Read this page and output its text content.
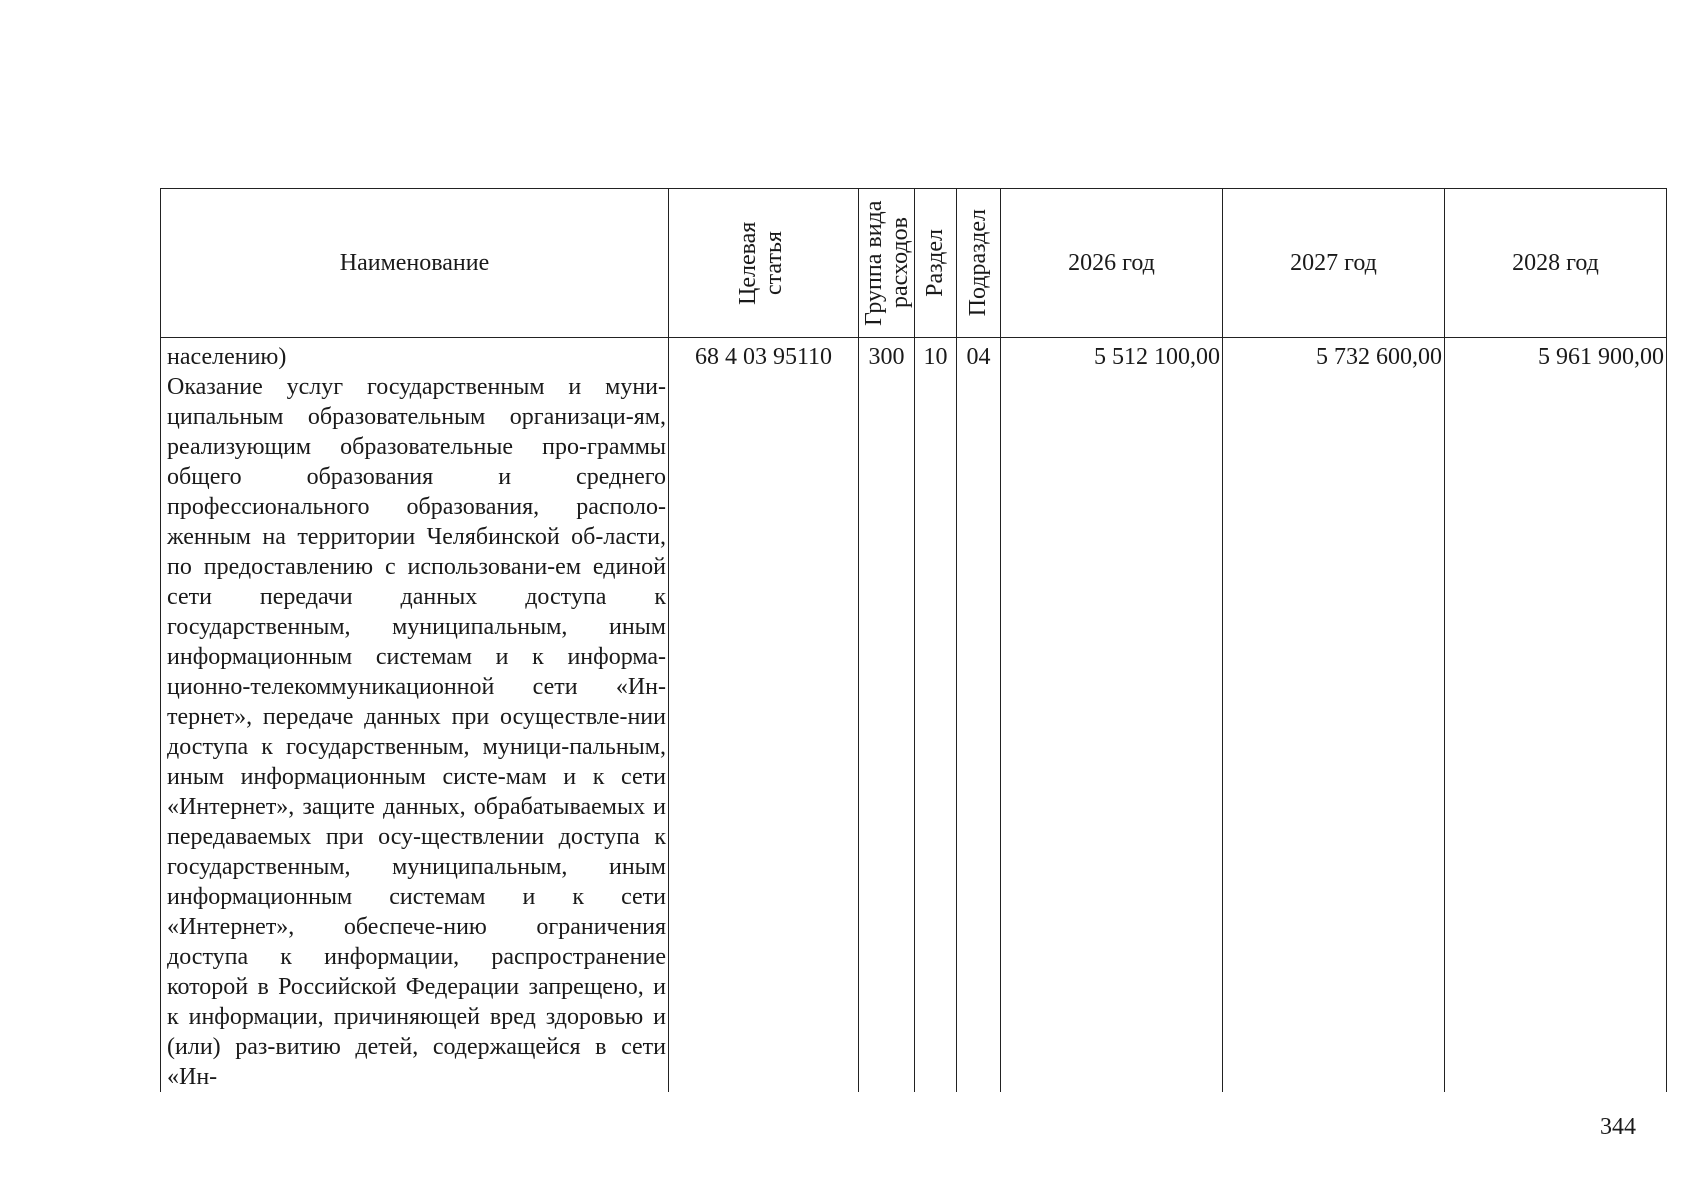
Наименование	Целевая статья	Группа вида расходов	Раздел	Подраздел	2026 год	2027 год	2028 год

населению)
Оказание услуг государственным и муни-ципальным образовательным организаци-ям, реализующим образовательные про-граммы общего образования и среднего профессионального образования, располо-женным на территории Челябинской об-ласти, по предоставлению с использовани-ем единой сети передачи данных доступа к государственным, муниципальным, иным информационным системам и к информа-ционно-телекоммуникационной сети «Ин-тернет», передаче данных при осуществле-нии доступа к государственным, муници-пальным, иным информационным систе-мам и к сети «Интернет», защите данных, обрабатываемых и передаваемых при осу-ществлении доступа к государственным, муниципальным, иным информационным системам и к сети «Интернет», обеспече-нию ограничения доступа к информации, распространение которой в Российской Федерации запрещено, и к информации, причиняющей вред здоровью и (или) раз-витию детей, содержащейся в сети «Ин-	68 4 03 95110	300	10	04	5 512 100,00	5 732 600,00	5 961 900,00
344
